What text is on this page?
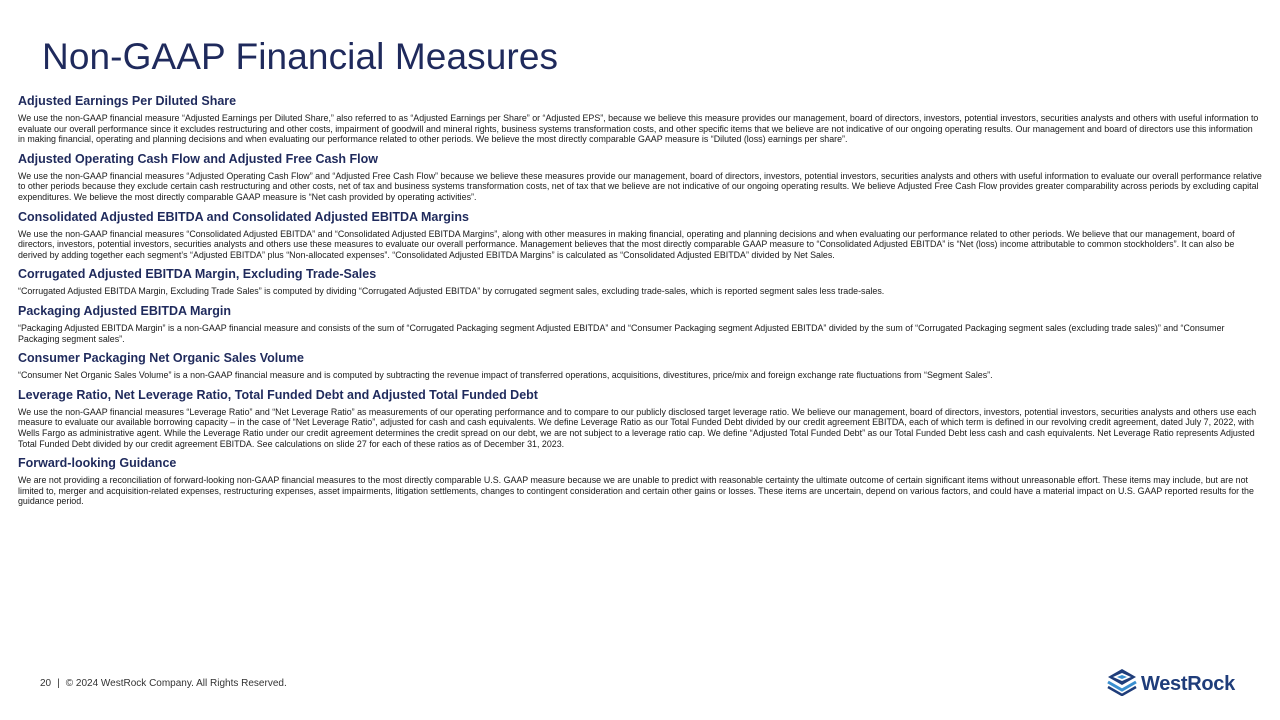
Non-GAAP Financial Measures
Adjusted Earnings Per Diluted Share

We use the non-GAAP financial measure “Adjusted Earnings per Diluted Share,” also referred to as “Adjusted Earnings per Share” or “Adjusted EPS”, because we believe this measure provides our management, board of directors, investors, potential investors, securities analysts and others with useful information to evaluate our overall performance since it excludes restructuring and other costs, impairment of goodwill and mineral rights, business systems transformation costs, and other specific items that we believe are not indicative of our ongoing operating results. Our management and board of directors use this information in making financial, operating and planning decisions and when evaluating our performance related to other periods. We believe the most directly comparable GAAP measure is “Diluted (loss) earnings per share”.

Adjusted Operating Cash Flow and Adjusted Free Cash Flow

We use the non-GAAP financial measures “Adjusted Operating Cash Flow” and “Adjusted Free Cash Flow” because we believe these measures provide our management, board of directors, investors, potential investors, securities analysts and others with useful information to evaluate our overall performance relative to other periods because they exclude certain cash restructuring and other costs, net of tax and business systems transformation costs, net of tax that we believe are not indicative of our ongoing operating results. We believe Adjusted Free Cash Flow provides greater comparability across periods by excluding capital expenditures. We believe the most directly comparable GAAP measure is “Net cash provided by operating activities”.

Consolidated Adjusted EBITDA and Consolidated Adjusted EBITDA Margins

We use the non-GAAP financial measures “Consolidated Adjusted EBITDA” and “Consolidated Adjusted EBITDA Margins”, along with other measures in making financial, operating and planning decisions and when evaluating our performance related to other periods. We believe that our management, board of directors, investors, potential investors, securities analysts and others use these measures to evaluate our overall performance. Management believes that the most directly comparable GAAP measure to “Consolidated Adjusted EBITDA” is “Net (loss) income attributable to common stockholders”. It can also be derived by adding together each segment’s “Adjusted EBITDA” plus “Non-allocated expenses”. “Consolidated Adjusted EBITDA Margins” is calculated as “Consolidated Adjusted EBITDA” divided by Net Sales.

Corrugated Adjusted EBITDA Margin, Excluding Trade-Sales

“Corrugated Adjusted EBITDA Margin, Excluding Trade Sales” is computed by dividing “Corrugated Adjusted EBITDA” by corrugated segment sales, excluding trade-sales, which is reported segment sales less trade-sales.

Packaging Adjusted EBITDA Margin

“Packaging Adjusted EBITDA Margin” is a non-GAAP financial measure and consists of the sum of “Corrugated Packaging segment Adjusted EBITDA” and “Consumer Packaging segment Adjusted EBITDA” divided by the sum of “Corrugated Packaging segment sales (excluding trade sales)” and “Consumer Packaging segment sales”.

Consumer Packaging Net Organic Sales Volume

“Consumer Net Organic Sales Volume” is a non-GAAP financial measure and is computed by subtracting the revenue impact of transferred operations, acquisitions, divestitures, price/mix and foreign exchange rate fluctuations from “Segment Sales”.

Leverage Ratio, Net Leverage Ratio, Total Funded Debt and Adjusted Total Funded Debt

We use the non-GAAP financial measures “Leverage Ratio” and “Net Leverage Ratio” as measurements of our operating performance and to compare to our publicly disclosed target leverage ratio. We believe our management, board of directors, investors, potential investors, securities analysts and others use each measure to evaluate our available borrowing capacity – in the case of “Net Leverage Ratio”, adjusted for cash and cash equivalents. We define Leverage Ratio as our Total Funded Debt divided by our credit agreement EBITDA, each of which term is defined in our revolving credit agreement, dated July 7, 2022, with Wells Fargo as administrative agent. While the Leverage Ratio under our credit agreement determines the credit spread on our debt, we are not subject to a leverage ratio cap. We define “Adjusted Total Funded Debt” as our Total Funded Debt less cash and cash equivalents. Net Leverage Ratio represents Adjusted Total Funded Debt divided by our credit agreement EBITDA. See calculations on slide 27 for each of these ratios as of December 31, 2023.

Forward-looking Guidance

We are not providing a reconciliation of forward-looking non-GAAP financial measures to the most directly comparable U.S. GAAP measure because we are unable to predict with reasonable certainty the ultimate outcome of certain significant items without unreasonable effort. These items may include, but are not limited to, merger and acquisition-related expenses, restructuring expenses, asset impairments, litigation settlements, changes to contingent consideration and certain other gains or losses. These items are uncertain, depend on various factors, and could have a material impact on U.S. GAAP reported results for the guidance period.

20 | © 2024 WestRock Company. All Rights Reserved.	WestRock
